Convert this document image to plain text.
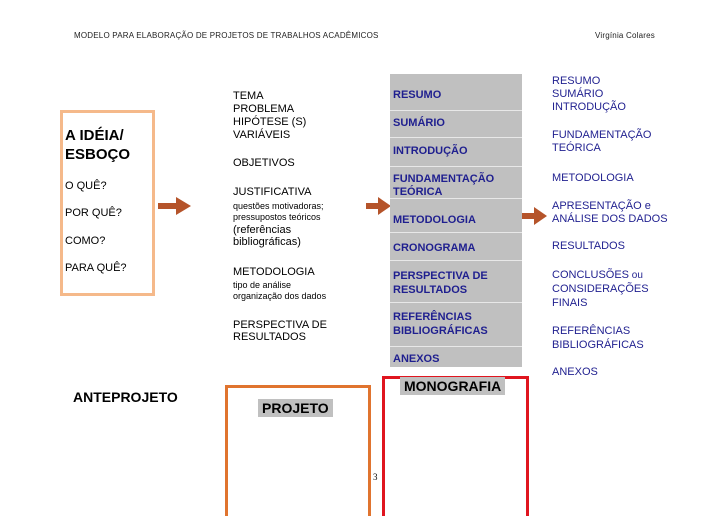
MODELO PARA ELABORAÇÃO DE PROJETOS DE TRABALHOS ACADÊMICOS	Virgínia Colares
A IDÉIA/
ESBOÇO
O QUÊ?
POR QUÊ?
COMO?
PARA QUÊ?
TEMA
PROBLEMA
HIPÓTESE (S)
VARIÁVEIS
OBJETIVOS
JUSTIFICATIVA
questões motivadoras;
pressupostos teóricos
(referências
bibliográficas)
METODOLOGIA
tipo de análise
organização dos dados
PERSPECTIVA DE
RESULTADOS
RESUMO
SUMÁRIO
INTRODUÇÃO
FUNDAMENTAÇÃO
TEÓRICA
METODOLOGIA
CRONOGRAMA
PERSPECTIVA DE
RESULTADOS
REFERÊNCIAS
BIBLIOGRÁFICAS
ANEXOS
RESUMO
SUMÁRIO
INTRODUÇÃO
FUNDAMENTAÇÃO
TEÓRICA
METODOLOGIA
APRESENTAÇÃO e
ANÁLISE DOS DADOS
RESULTADOS
CONCLUSÕES ou
CONSIDERAÇÕES
FINAIS
REFERÊNCIAS
BIBLIOGRÁFICAS
ANEXOS
ANTEPROJETO
PROJETO
MONOGRAFIA
3
